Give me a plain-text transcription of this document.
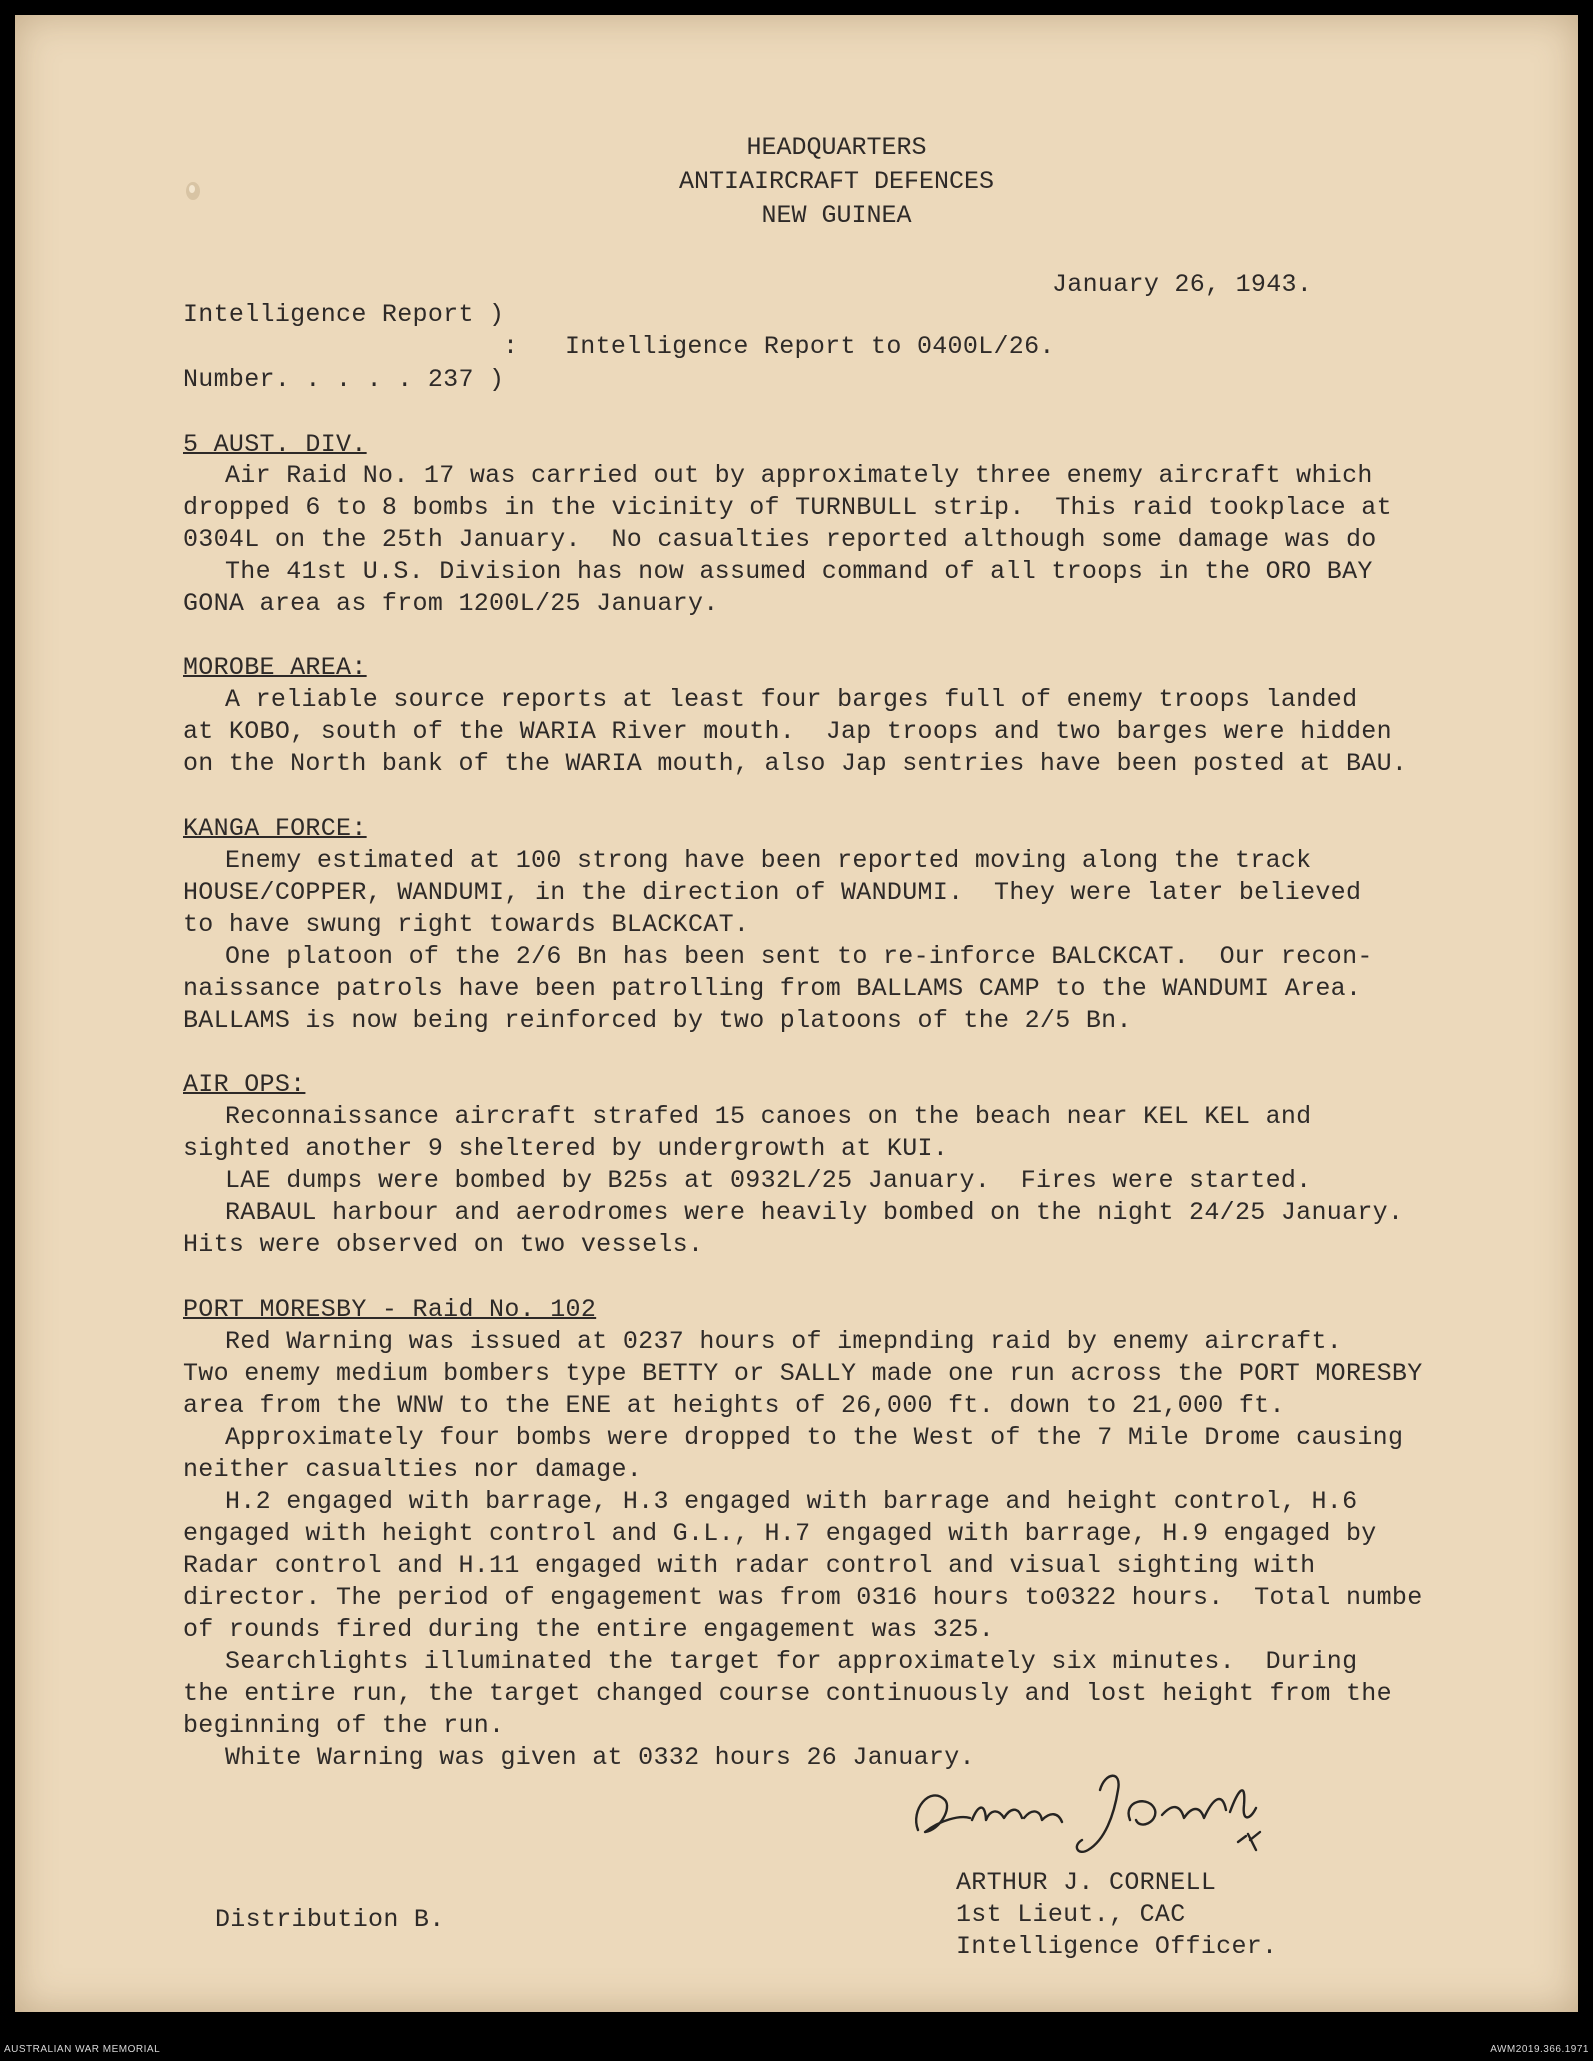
HEADQUARTERS
ANTIAIRCRAFT DEFENCES
NEW GUINEA
January 26, 1943.
Intelligence Report )
: Intelligence Report to 0400L/26.
Number. . . . . 237 )
5 AUST. DIV.
Air Raid No. 17 was carried out by approximately three enemy aircraft which
dropped 6 to 8 bombs in the vicinity of TURNBULL strip.  This raid tookplace at
0304L on the 25th January.  No casualties reported although some damage was do
The 41st U.S. Division has now assumed command of all troops in the ORO BAY
GONA area as from 1200L/25 January.
MOROBE AREA:
A reliable source reports at least four barges full of enemy troops landed
at KOBO, south of the WARIA River mouth.  Jap troops and two barges were hidden
on the North bank of the WARIA mouth, also Jap sentries have been posted at BAU.
KANGA FORCE:
Enemy estimated at 100 strong have been reported moving along the track
HOUSE/COPPER, WANDUMI, in the direction of WANDUMI.  They were later believed
to have swung right towards BLACKCAT.
One platoon of the 2/6 Bn has been sent to re-inforce BALCKCAT.  Our recon-
naissance patrols have been patrolling from BALLAMS CAMP to the WANDUMI Area.
BALLAMS is now being reinforced by two platoons of the 2/5 Bn.
AIR OPS:
Reconnaissance aircraft strafed 15 canoes on the beach near KEL KEL and
sighted another 9 sheltered by undergrowth at KUI.
LAE dumps were bombed by B25s at 0932L/25 January.  Fires were started.
RABAUL harbour and aerodromes were heavily bombed on the night 24/25 January.
Hits were observed on two vessels.
PORT MORESBY - Raid No. 102
Red Warning was issued at 0237 hours of imepnding raid by enemy aircraft.
Two enemy medium bombers type BETTY or SALLY made one run across the PORT MORESBY
area from the WNW to the ENE at heights of 26,000 ft. down to 21,000 ft.
Approximately four bombs were dropped to the West of the 7 Mile Drome causing
neither casualties nor damage.
H.2 engaged with barrage, H.3 engaged with barrage and height control, H.6
engaged with height control and G.L., H.7 engaged with barrage, H.9 engaged by
Radar control and H.11 engaged with radar control and visual sighting with
director. The period of engagement was from 0316 hours to0322 hours.  Total numbe
of rounds fired during the entire engagement was 325.
Searchlights illuminated the target for approximately six minutes.  During
the entire run, the target changed course continuously and lost height from the
beginning of the run.
White Warning was given at 0332 hours 26 January.
ARTHUR J. CORNELL
1st Lieut., CAC
Intelligence Officer.
Distribution B.
AUSTRALIAN WAR MEMORIAL	AWM2019.366.1971
